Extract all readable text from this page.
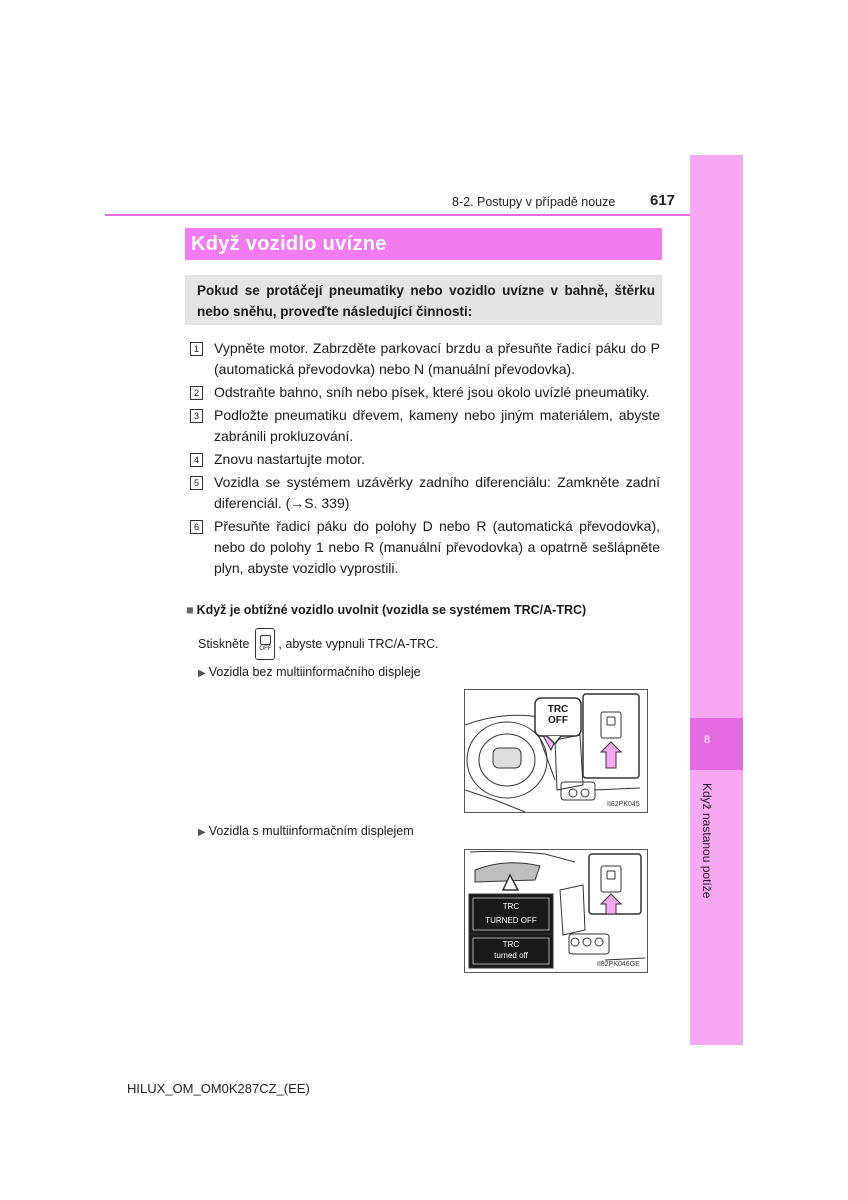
8
Když nastanou potíže
8-2. Postupy v případě nouze 617
Když vozidlo uvízne

Pokud se protáčejí pneumatiky nebo vozidlo uvízne v bahně, štěrku nebo sněhu, proveďte následující činnosti:

1 Vypněte motor. Zabrzděte parkovací brzdu a přesuňte řadicí páku do P (automatická převodovka) nebo N (manuální převodovka).
2 Odstraňte bahno, sníh nebo písek, které jsou okolo uvízlé pneumatiky.
3 Podložte pneumatiku dřevem, kameny nebo jiným materiálem, abyste zabránili prokluzování.
4 Znovu nastartujte motor.
5 Vozidla se systémem uzávěrky zadního diferenciálu: Zamkněte zadní diferenciál. (→S. 339)
6 Přesuňte řadicí páku do polohy D nebo R (automatická převodovka), nebo do polohy 1 nebo R (manuální převodovka) a opatrně sešlápněte plyn, abyste vozidlo vyprostili.
■ Když je obtížné vozidlo uvolnit (vozidla se systémem TRC/A-TRC)
Stiskněte OFF , abyste vypnuli TRC/A-TRC.
▶ Vozidla bez multiinformačního displeje
TRC
OFF
II82PK045
▶ Vozidla s multiinformačním displejem
TRC
TURNED OFF
TRC
turned off
II82PK046GE
HILUX_OM_OM0K287CZ_(EE)
